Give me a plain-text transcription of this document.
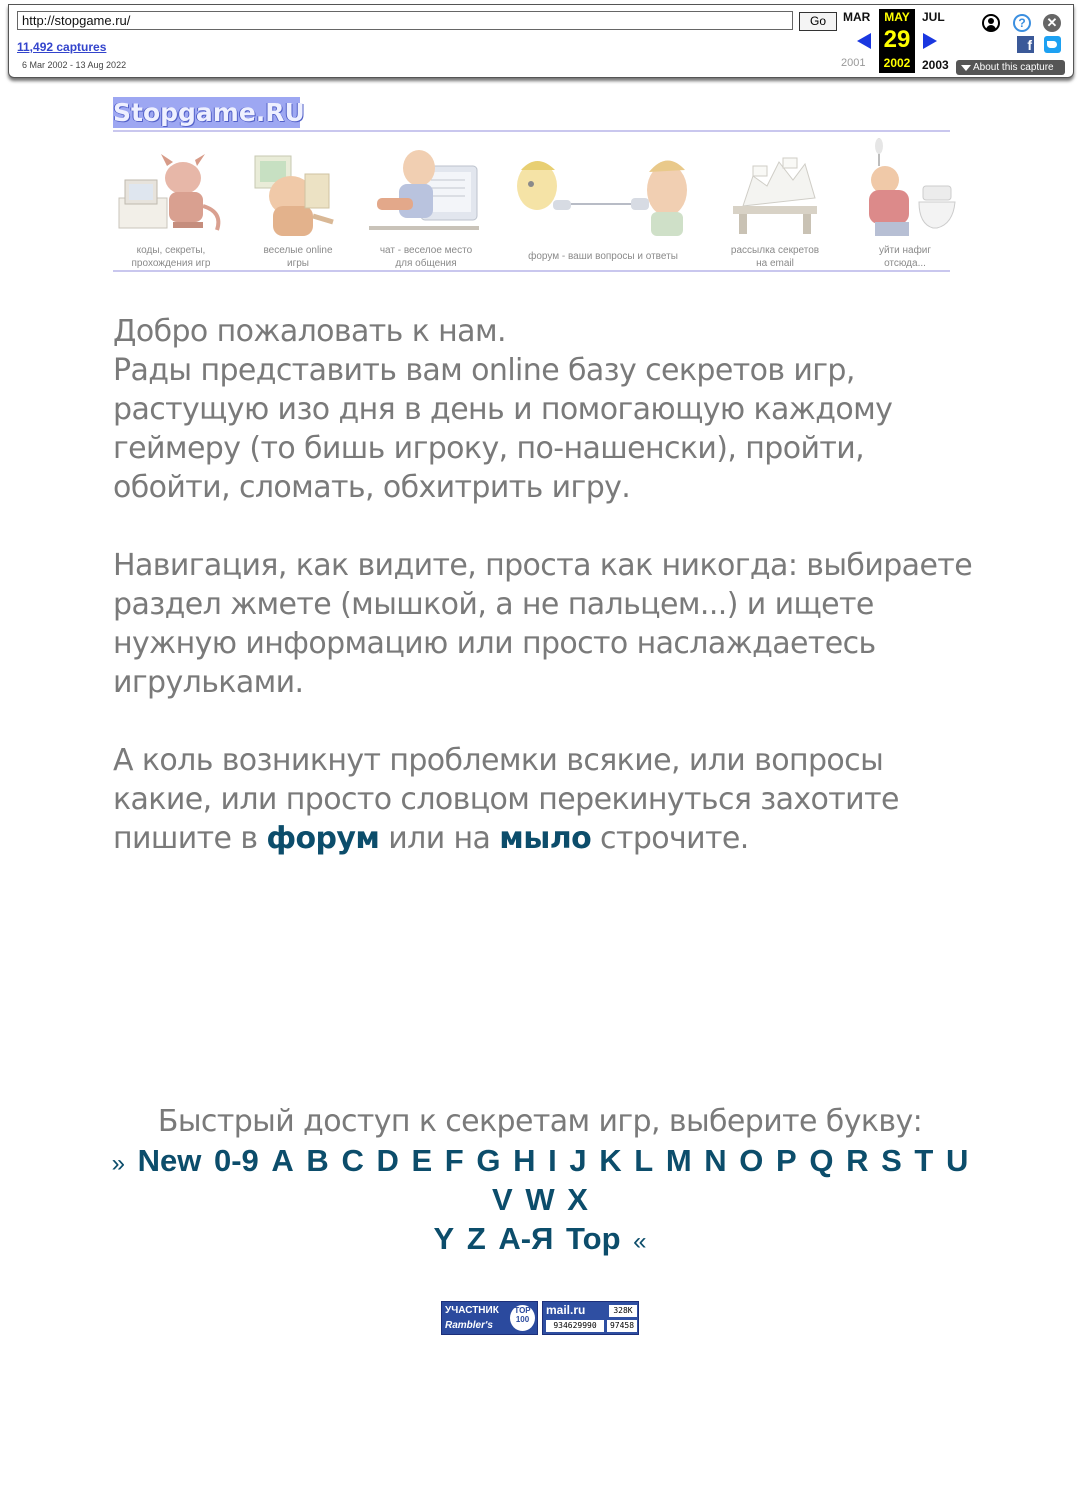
http://stopgame.ru/	Go
11,492 captures
6 Mar 2002 - 13 Aug 2022
MAR	MAY
29
2002
JUL
2001	2003
?	✕
f
About this capture
Stopgame.RU
коды, секреты,
прохождения игр
веселые online
игры
чат - веселое место
для общения
форум - ваши вопросы и ответы
рассылка секретов
на email
уйти нафиг
отсюда...

Добро пожаловать к нам.
Рады представить вам online базу секретов игр, растущую изо дня в день и помогающую каждому геймеру (то бишь игроку, по-нашенски), пройти, обойти, сломать, обхитрить игру.

Навигация, как видите, проста как никогда: выбираете раздел жмете (мышкой, а не пальцем...) и ищете нужную информацию или просто наслаждаетесь игрульками.

А коль возникнут проблемки всякие, или вопросы какие, или просто словцом перекинуться захотите пишите в форум или на мыло строчите.

Быстрый доступ к секретам игр, выберите букву:
» New 0-9 A B C D E F G H I J K L M N O P Q R S T U V W X
Y Z А-Я Top «
УЧАСТНИК
Rambler's
TOP 100
mail.ru	328K
934629990	97458
